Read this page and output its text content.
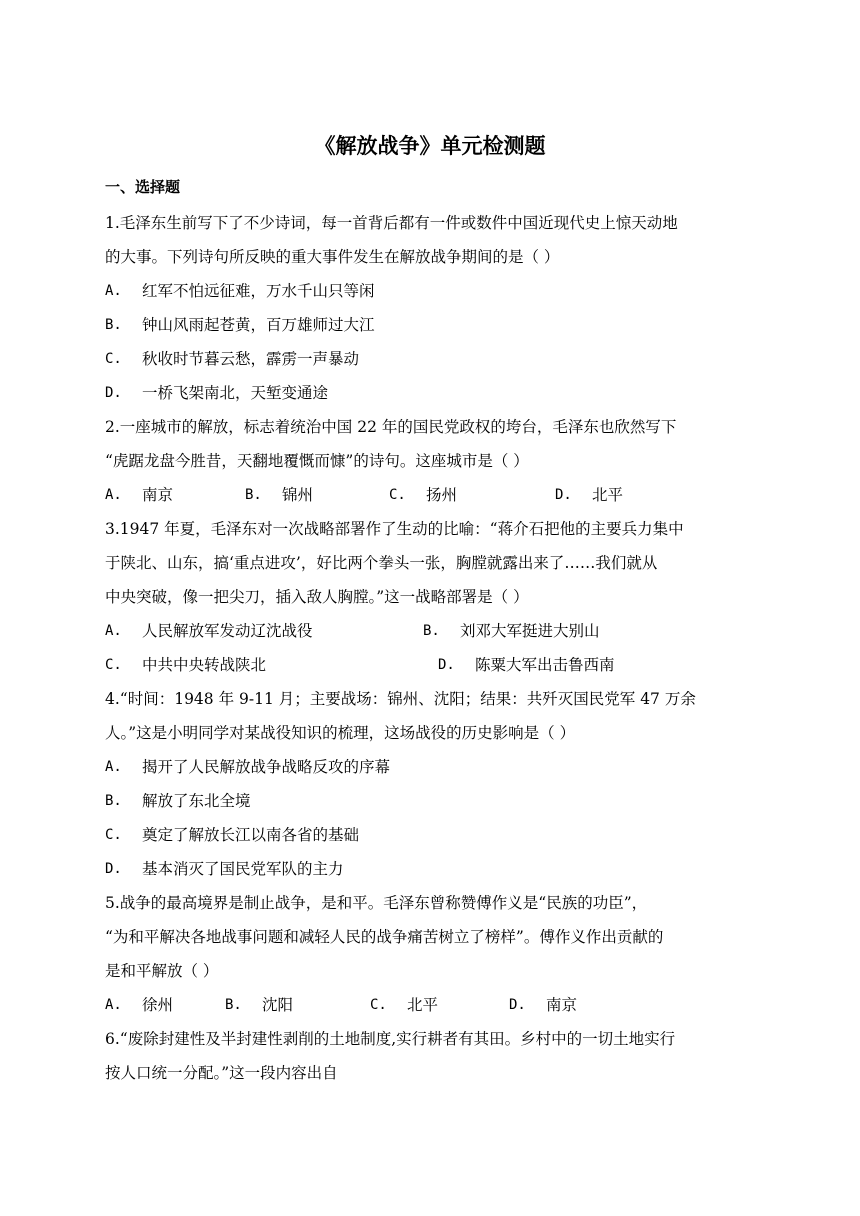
《解放战争》单元检测题
一、选择题
1.毛泽东生前写下了不少诗词，每一首背后都有一件或数件中国近现代史上惊天动地
的大事。下列诗句所反映的重大事件发生在解放战争期间的是（ ）
A.	红军不怕远征难，万水千山只等闲
B.	钟山风雨起苍黄，百万雄师过大江
C.	秋收时节暮云愁，霹雳一声暴动
D.	一桥飞架南北，天堑变通途
2.一座城市的解放，标志着统治中国 22 年的国民党政权的垮台，毛泽东也欣然写下
“虎踞龙盘今胜昔，天翻地覆慨而慷”的诗句。这座城市是（ ）
A.	南京	B.	锦州	C.	扬州	D.	北平
3.1947 年夏，毛泽东对一次战略部署作了生动的比喻：“蒋介石把他的主要兵力集中
于陕北、山东，搞‘重点进攻’，好比两个拳头一张，胸膛就露出来了……我们就从
中央突破，像一把尖刀，插入敌人胸膛。”这一战略部署是（ ）
A.	人民解放军发动辽沈战役	B.	刘邓大军挺进大别山
C.	中共中央转战陕北	D.	陈粟大军出击鲁西南
4.“时间：1948 年 9-11 月；主要战场：锦州、沈阳；结果：共歼灭国民党军 47 万余
人。”这是小明同学对某战役知识的梳理，这场战役的历史影响是（ ）
A.	揭开了人民解放战争战略反攻的序幕
B.	解放了东北全境
C.	奠定了解放长江以南各省的基础
D.	基本消灭了国民党军队的主力
5.战争的最高境界是制止战争，是和平。毛泽东曾称赞傅作义是“民族的功臣”，
“为和平解决各地战事问题和减轻人民的战争痛苦树立了榜样”。傅作义作出贡献的
是和平解放（ ）
A.	徐州	B.	沈阳	C.	北平	D.	南京
6.“废除封建性及半封建性剥削的土地制度,实行耕者有其田。乡村中的一切土地实行
按人口统一分配。”这一段内容出自
